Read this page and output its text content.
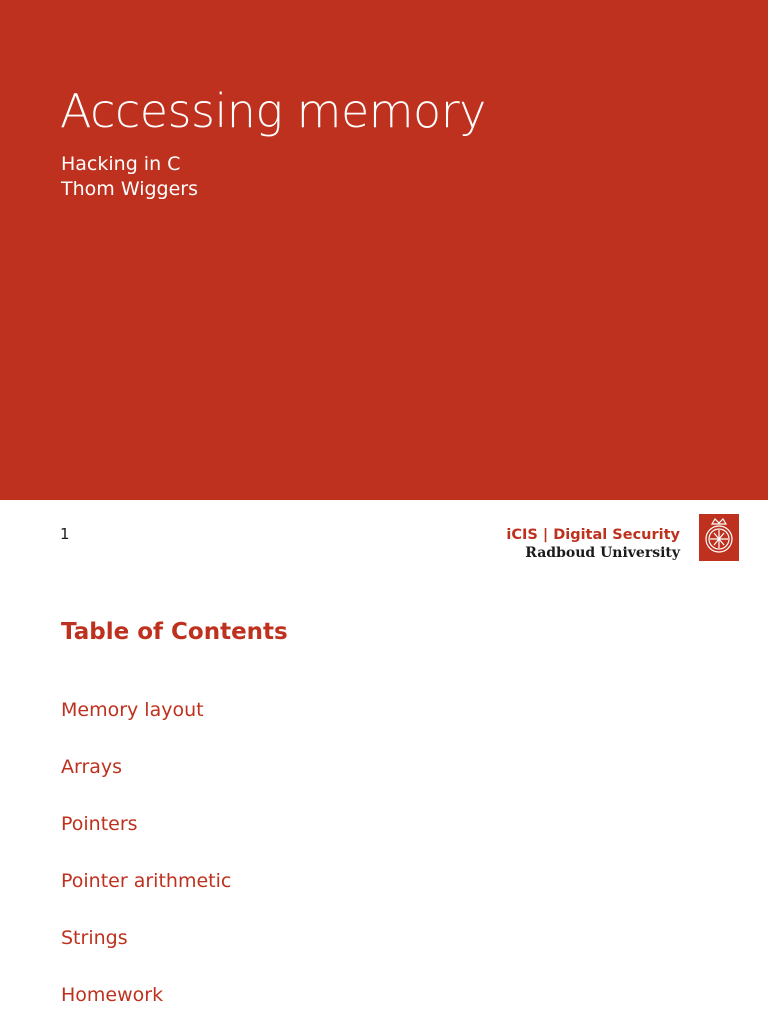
Accessing memory
Hacking in C
Thom Wiggers
1	iCIS | Digital Security
Radboud University
Table of Contents
Memory layout
Arrays
Pointers
Pointer arithmetic
Strings
Homework
